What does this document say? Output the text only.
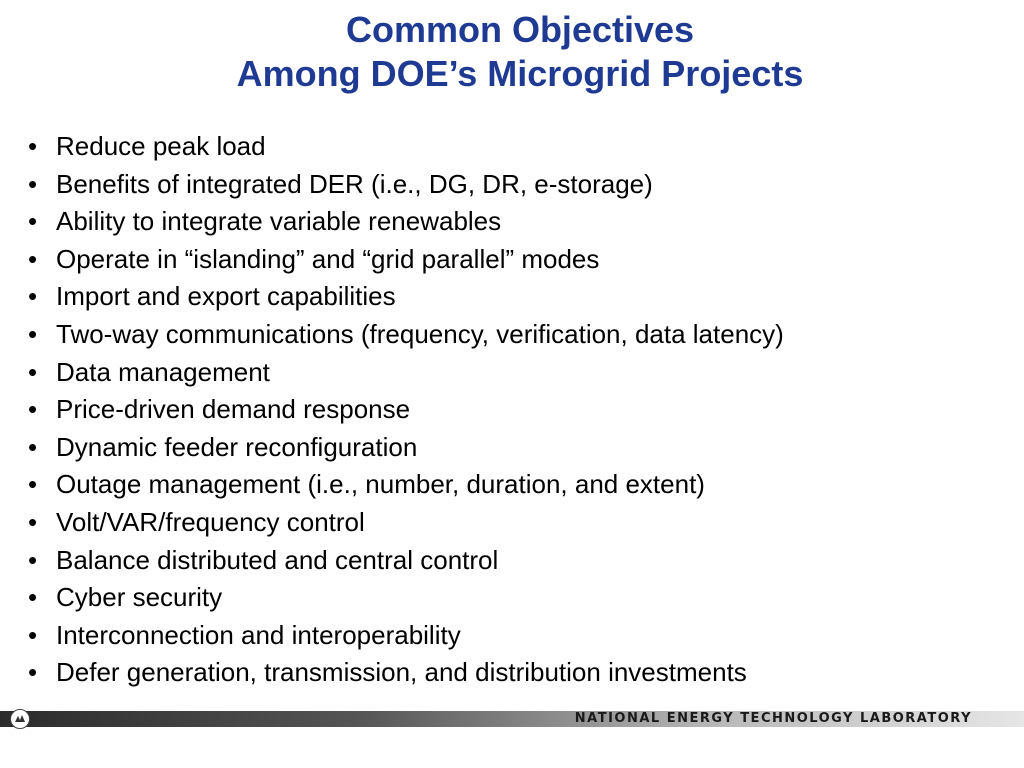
Common Objectives
Among DOE’s Microgrid Projects
• Reduce peak load
• Benefits of integrated DER (i.e., DG, DR, e-storage)
• Ability to integrate variable renewables
• Operate in “islanding” and “grid parallel” modes
• Import and export capabilities
• Two-way communications (frequency, verification, data latency)
• Data management
• Price-driven demand response
• Dynamic feeder reconfiguration
• Outage management (i.e., number, duration, and extent)
• Volt/VAR/frequency control
• Balance distributed and central control
• Cyber security
• Interconnection and interoperability
• Defer generation, transmission, and distribution investments
NATIONAL ENERGY TECHNOLOGY LABORATORY
